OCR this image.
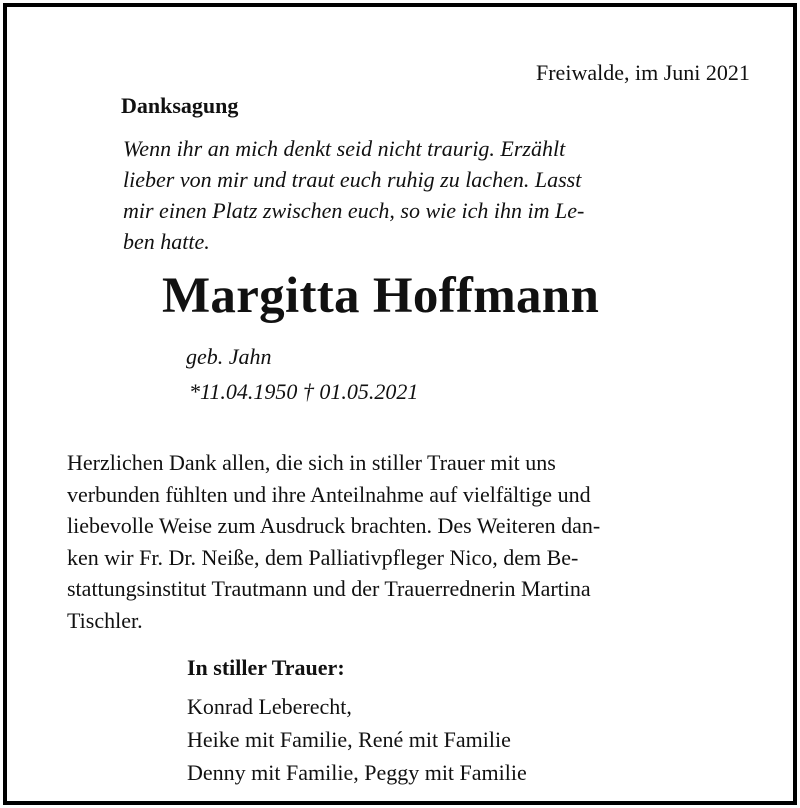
Freiwalde, im Juni 2021
Danksagung
Wenn ihr an mich denkt seid nicht traurig. Erzählt
lieber von mir und traut euch ruhig zu lachen. Lasst
mir einen Platz zwischen euch, so wie ich ihn im Le-
ben hatte.
Margitta Hoffmann
geb. Jahn
*11.04.1950 † 01.05.2021
Herzlichen Dank allen, die sich in stiller Trauer mit uns
verbunden fühlten und ihre Anteilnahme auf vielfältige und
liebevolle Weise zum Ausdruck brachten. Des Weiteren dan-
ken wir Fr. Dr. Neiße, dem Palliativpfleger Nico, dem Be-
stattungsinstitut Trautmann und der Trauerrednerin Martina
Tischler.
In stiller Trauer:
Konrad Leberecht,
Heike mit Familie, René mit Familie
Denny mit Familie, Peggy mit Familie
